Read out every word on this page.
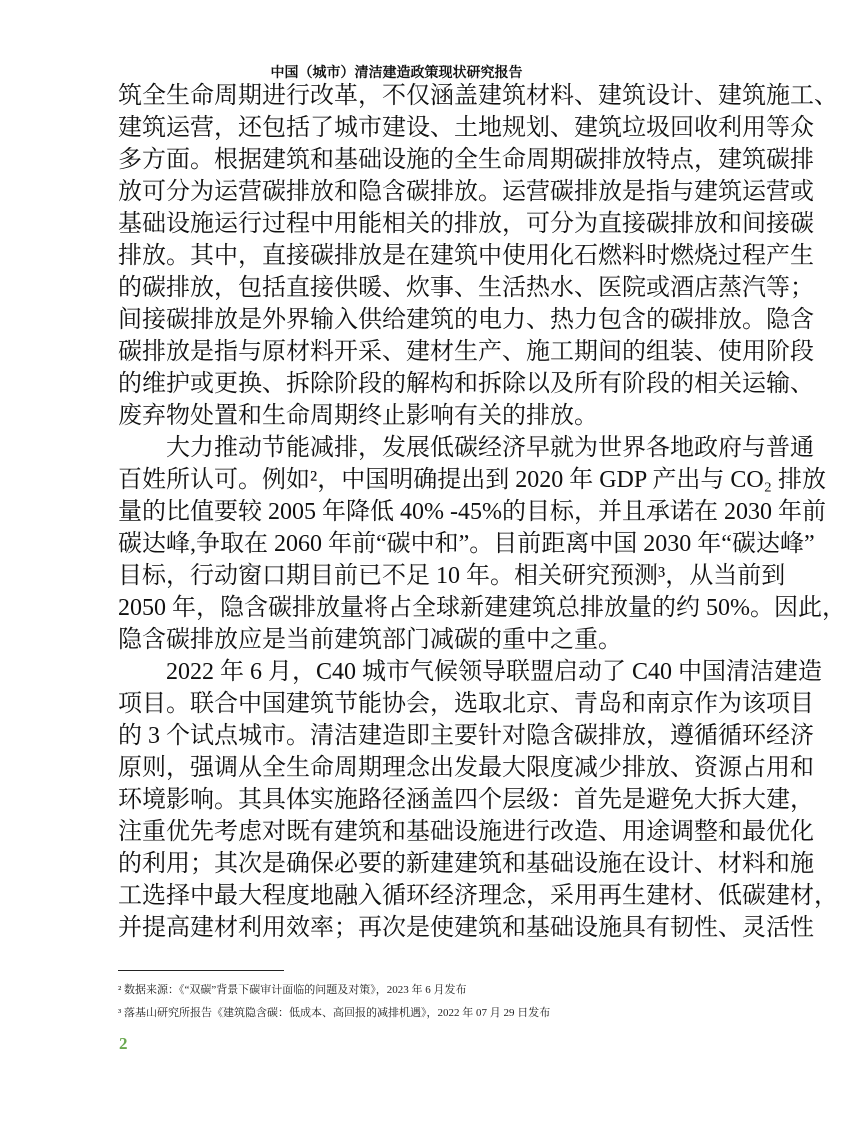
中国（城市）清洁建造政策现状研究报告
筑全生命周期进行改革，不仅涵盖建筑材料、建筑设计、建筑施工、
建筑运营，还包括了城市建设、土地规划、建筑垃圾回收利用等众
多方面。根据建筑和基础设施的全生命周期碳排放特点，建筑碳排
放可分为运营碳排放和隐含碳排放。运营碳排放是指与建筑运营或
基础设施运行过程中用能相关的排放，可分为直接碳排放和间接碳
排放。其中，直接碳排放是在建筑中使用化石燃料时燃烧过程产生
的碳排放，包括直接供暖、炊事、生活热水、医院或酒店蒸汽等；
间接碳排放是外界输入供给建筑的电力、热力包含的碳排放。隐含
碳排放是指与原材料开采、建材生产、施工期间的组装、使用阶段
的维护或更换、拆除阶段的解构和拆除以及所有阶段的相关运输、
废弃物处置和生命周期终止影响有关的排放。
大力推动节能减排，发展低碳经济早就为世界各地政府与普通
百姓所认可。例如²，中国明确提出到 2020 年 GDP 产出与 CO₂ 排放
量的比值要较 2005 年降低 40% -45%的目标，并且承诺在 2030 年前
碳达峰,争取在 2060 年前“碳中和”。目前距离中国 2030 年“碳达峰”
目标，行动窗口期目前已不足 10 年。相关研究预测³，从当前到
2050 年，隐含碳排放量将占全球新建建筑总排放量的约 50%。因此，
隐含碳排放应是当前建筑部门减碳的重中之重。
2022 年 6 月，C40 城市气候领导联盟启动了 C40 中国清洁建造
项目。联合中国建筑节能协会，选取北京、青岛和南京作为该项目
的 3 个试点城市。清洁建造即主要针对隐含碳排放，遵循循环经济
原则，强调从全生命周期理念出发最大限度减少排放、资源占用和
环境影响。其具体实施路径涵盖四个层级：首先是避免大拆大建，
注重优先考虑对既有建筑和基础设施进行改造、用途调整和最优化
的利用；其次是确保必要的新建建筑和基础设施在设计、材料和施
工选择中最大程度地融入循环经济理念，采用再生建材、低碳建材，
并提高建材利用效率；再次是使建筑和基础设施具有韧性、灵活性
² 数据来源：《“双碳”背景下碳审计面临的问题及对策》，2023 年 6 月发布
³ 落基山研究所报告《建筑隐含碳：低成本、高回报的减排机遇》，2022 年 07 月 29 日发布
2
